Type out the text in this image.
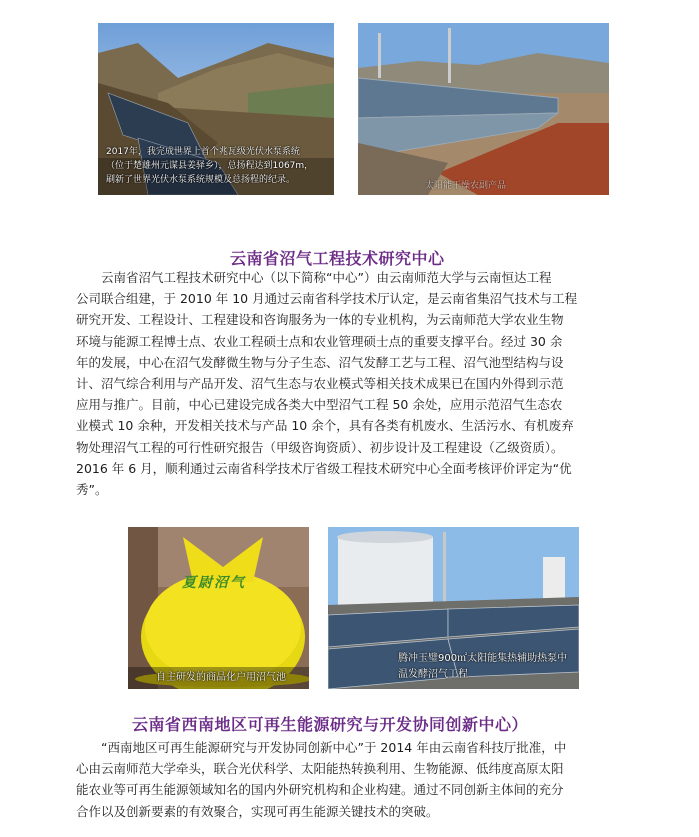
2017年，我完成世界上首个兆瓦级光伏水泵系统
（位于楚雄州元谋县姜驿乡），总扬程达到1067m，
刷新了世界光伏水泵系统规模及总扬程的纪录。
太阳能干燥农副产品
云南省沼气工程技术研究中心
云南省沼气工程技术研究中心（以下简称“中心”）由云南师范大学与云南恒达工程
公司联合组建，于 2010 年 10 月通过云南省科学技术厅认定，是云南省集沼气技术与工程
研究开发、工程设计、工程建设和咨询服务为一体的专业机构，为云南师范大学农业生物
环境与能源工程博士点、农业工程硕士点和农业管理硕士点的重要支撑平台。经过 30 余
年的发展，中心在沼气发酵微生物与分子生态、沼气发酵工艺与工程、沼气池型结构与设
计、沼气综合利用与产品开发、沼气生态与农业模式等相关技术成果已在国内外得到示范
应用与推广。目前，中心已建设完成各类大中型沼气工程 50 余处，应用示范沼气生态农
业模式 10 余种，开发相关技术与产品 10 余个，具有各类有机废水、生活污水、有机废弃
物处理沼气工程的可行性研究报告（甲级咨询资质）、初步设计及工程建设（乙级资质）。
2016 年 6 月，顺利通过云南省科学技术厅省级工程技术研究中心全面考核评价评定为“优
秀”。
夏尉沼气
自主研发的商品化户用沼气池
腾冲玉璧900㎡太阳能集热辅助热泵中
温发酵沼气工程
云南省西南地区可再生能源研究与开发协同创新中心）
“西南地区可再生能源研究与开发协同创新中心”于 2014 年由云南省科技厅批准，中
心由云南师范大学牵头，联合光伏科学、太阳能热转换利用、生物能源、低纬度高原太阳
能农业等可再生能源领域知名的国内外研究机构和企业构建。通过不同创新主体间的充分
合作以及创新要素的有效聚合，实现可再生能源关键技术的突破。
